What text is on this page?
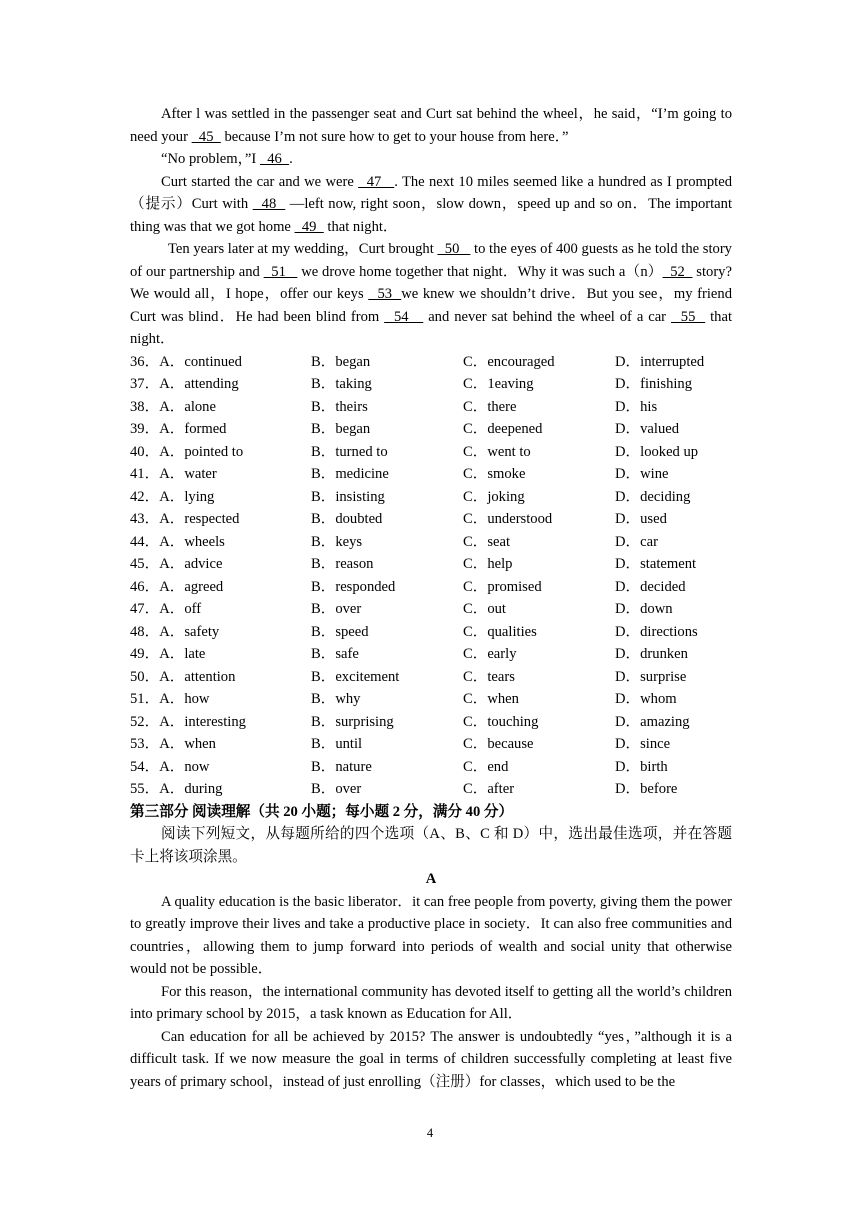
After l was settled in the passenger seat and Curt sat behind the wheel，he said，“I’m going to need your   45   because I’m not sure how to get to your house from here．”

“No problem，”I   46  .

Curt started the car and we were   47   . The next 10 miles seemed like a hundred as I prompted（提示）Curt with   48   —left now, right soon，slow down，speed up and so on．The important thing was that we got home   49   that night．

Ten years later at my wedding，Curt brought   50    to the eyes of 400 guests as he told the story of our partnership and   51    we drove home together that night．Why it was such a（n）  52   story? We would all，I hope，offer our keys   53  we knew we shouldn’t drive．But you see，my friend Curt was blind．He had been blind from   54    and never sat behind the wheel of a car   55   that night．

36．A．continued	B．began	C．encouraged	D．interrupted
37．A．attending	B．taking	C．1eaving	D．finishing
38．A．alone	B．theirs	C．there	D．his
39．A．formed	B．began	C．deepened	D．valued
40．A．pointed to	B．turned to	C．went to	D．looked up
41．A．water	B．medicine	C．smoke	D．wine
42．A．lying	B．insisting	C．joking	D．deciding
43．A．respected	B．doubted	C．understood	D．used
44．A．wheels	B．keys	C．seat	D．car
45．A．advice	B．reason	C．help	D．statement
46．A．agreed	B．responded	C．promised	D．decided
47．A．off	B．over	C．out	D．down
48．A．safety	B．speed	C．qualities	D．directions
49．A．late	B．safe	C．early	D．drunken
50．A．attention	B．excitement	C．tears	D．surprise
51．A．how	B．why	C．when	D．whom
52．A．interesting	B．surprising	C．touching	D．amazing
53．A．when	B．until	C．because	D．since
54．A．now	B．nature	C．end	D．birth
55．A．during	B．over	C．after	D．before

第三部分 阅读理解（共 20 小题；每小题 2 分，满分 40 分）

阅读下列短文，从每题所给的四个选项（A、B、C 和 D）中，选出最佳选项，并在答题卡上将该项涂黑。

A

A quality education is the basic liberator．it can free people from poverty, giving them the power to greatly improve their lives and take a productive place in society．It can also free communities and countries，allowing them to jump forward into periods of wealth and social unity that otherwise would not be possible．

For this reason，the international community has devoted itself to getting all the world’s children into primary school by 2015，a task known as Education for All．

Can education for all be achieved by 2015? The answer is undoubtedly “yes，”although it is a difficult task. If we now measure the goal in terms of children successfully completing at least five years of primary school，instead of just enrolling（注册）for classes，which used to be the

4
